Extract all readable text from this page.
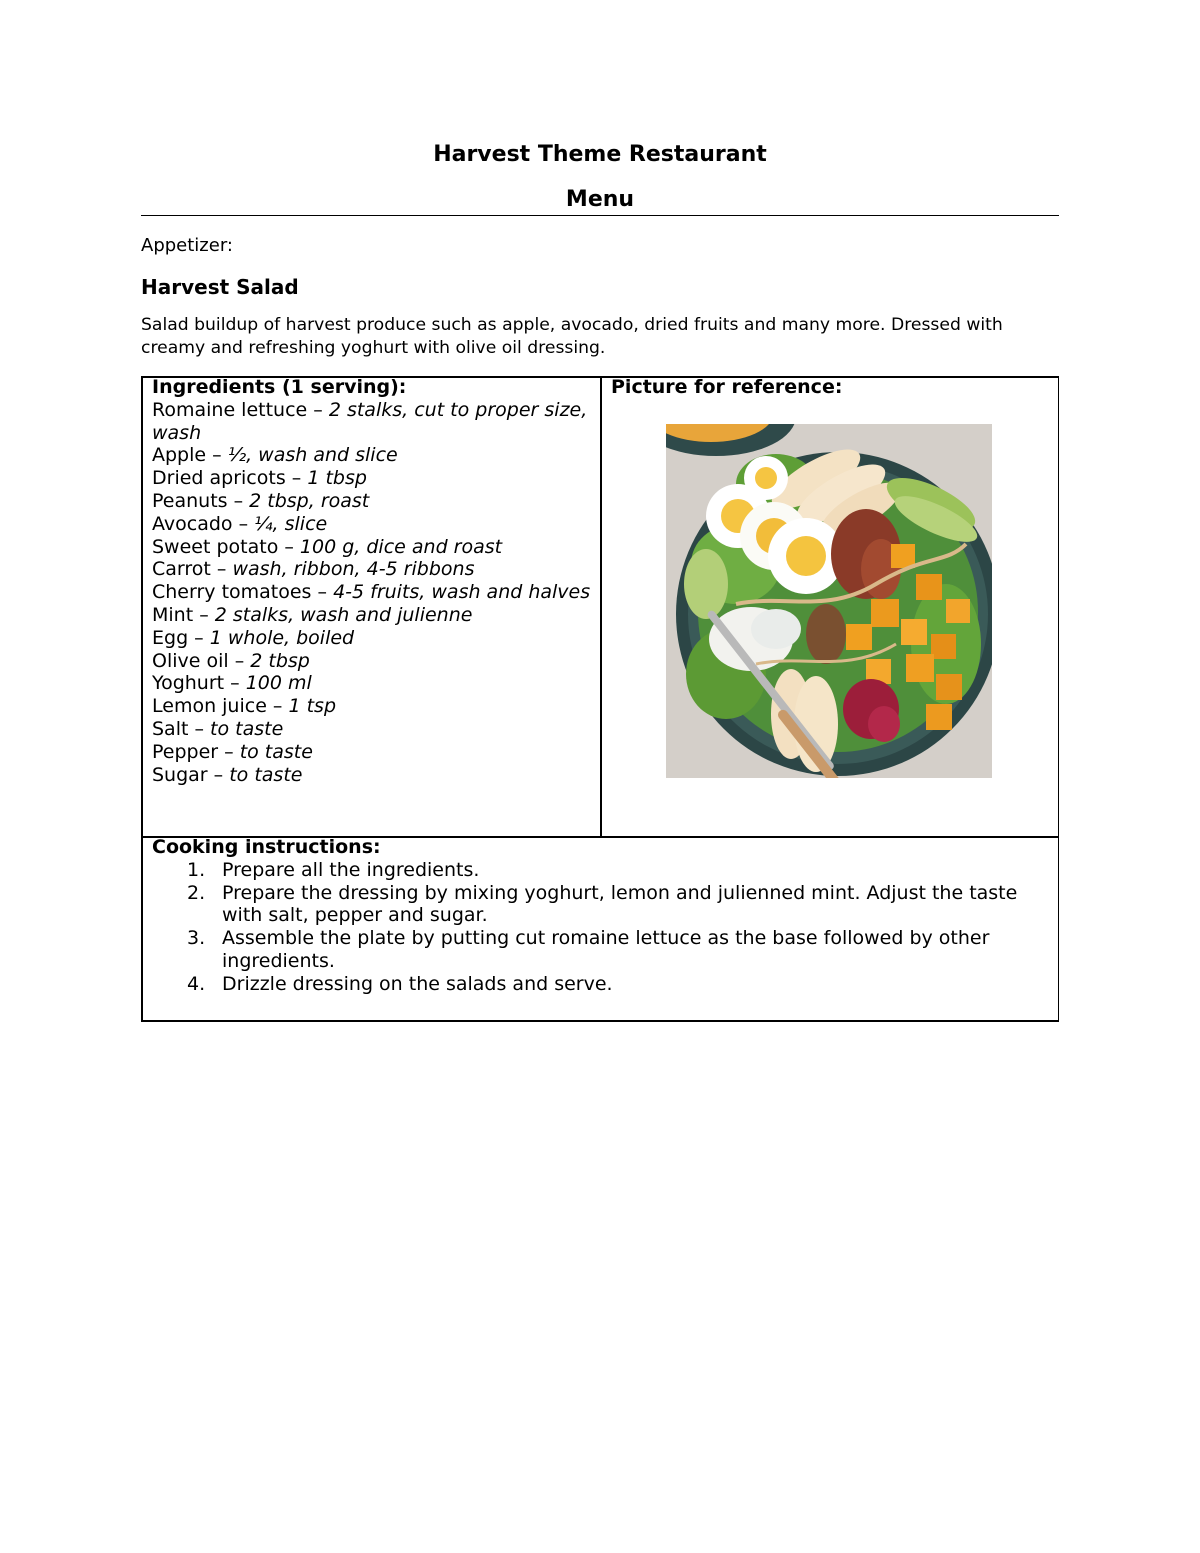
Harvest Theme Restaurant
Menu
Appetizer:
Harvest Salad
Salad buildup of harvest produce such as apple, avocado, dried fruits and many more. Dressed with creamy and refreshing yoghurt with olive oil dressing.
Ingredients (1 serving):
Romaine lettuce – 2 stalks, cut to proper size, wash
Apple – ½, wash and slice
Dried apricots – 1 tbsp
Peanuts – 2 tbsp, roast
Avocado – ¼, slice
Sweet potato – 100 g, dice and roast
Carrot – wash, ribbon, 4-5 ribbons
Cherry tomatoes – 4-5 fruits, wash and halves
Mint – 2 stalks, wash and julienne
Egg – 1 whole, boiled
Olive oil – 2 tbsp
Yoghurt – 100 ml
Lemon juice – 1 tsp
Salt – to taste
Pepper – to taste
Sugar – to taste
Picture for reference:
Cooking instructions:
1. Prepare all the ingredients.
2. Prepare the dressing by mixing yoghurt, lemon and julienned mint. Adjust the taste with salt, pepper and sugar.
3. Assemble the plate by putting cut romaine lettuce as the base followed by other ingredients.
4. Drizzle dressing on the salads and serve.
